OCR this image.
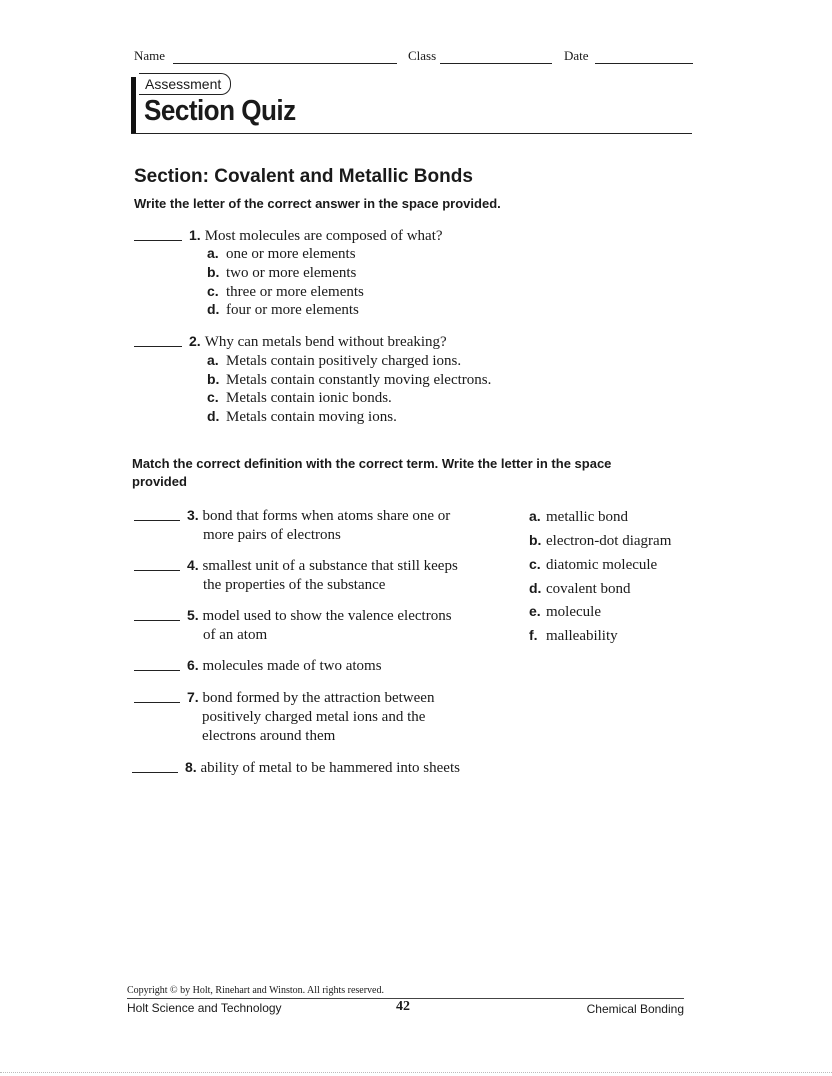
Name	Class	Date
Assessment
Section Quiz
Section: Covalent and Metallic Bonds
Write the letter of the correct answer in the space provided.
1. Most molecules are composed of what?
a. one or more elements
b. two or more elements
c. three or more elements
d. four or more elements
2. Why can metals bend without breaking?
a. Metals contain positively charged ions.
b. Metals contain constantly moving electrons.
c. Metals contain ionic bonds.
d. Metals contain moving ions.
Match the correct definition with the correct term. Write the letter in the space
provided
3. bond that forms when atoms share one or
more pairs of electrons
4. smallest unit of a substance that still keeps
the properties of the substance
5. model used to show the valence electrons
of an atom
6. molecules made of two atoms
7. bond formed by the attraction between
positively charged metal ions and the
electrons around them
8. ability of metal to be hammered into sheets
a. metallic bond
b. electron-dot diagram
c. diatomic molecule
d. covalent bond
e. molecule
f. malleability
Copyright © by Holt, Rinehart and Winston. All rights reserved.
Holt Science and Technology	42	Chemical Bonding
